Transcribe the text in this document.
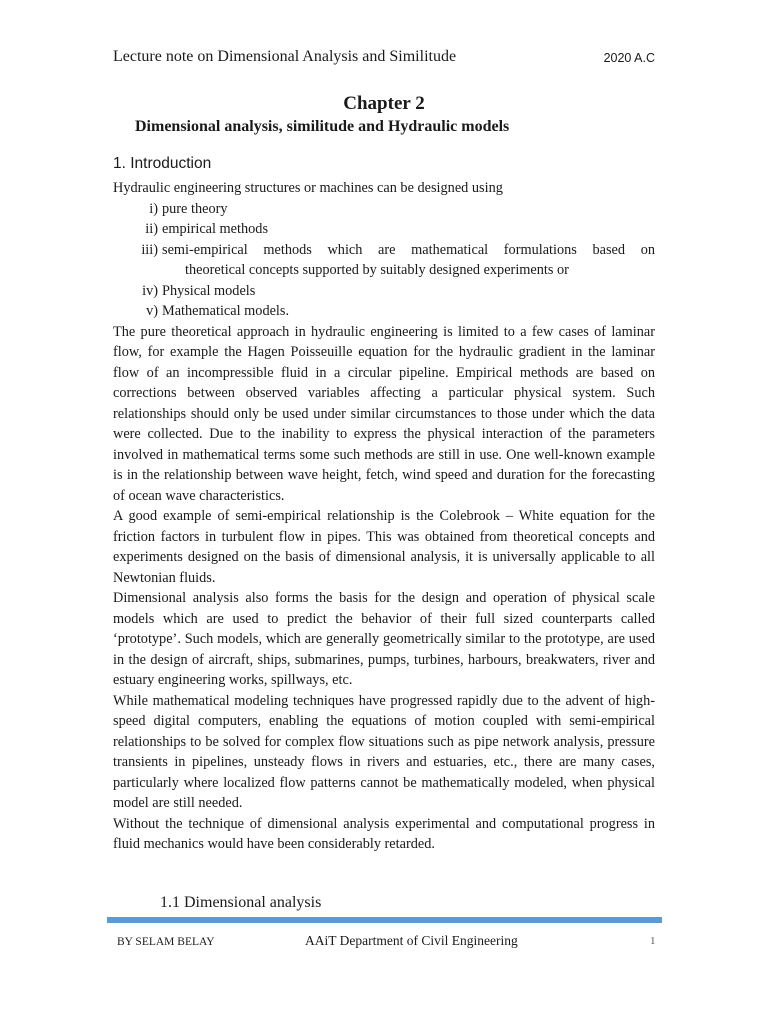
Lecture note on Dimensional Analysis and Similitude	2020 A.C
Chapter 2
Dimensional analysis, similitude and Hydraulic models
1. Introduction

Hydraulic engineering structures or machines can be designed using

i) pure theory
ii) empirical methods
iii) semi-empirical methods which are mathematical formulations based on
theoretical concepts supported by suitably designed experiments or
iv) Physical models
v) Mathematical models.

The pure theoretical approach in hydraulic engineering is limited to a few cases of laminar flow, for example the Hagen Poisseuille equation for the hydraulic gradient in the laminar flow of an incompressible fluid in a circular pipeline. Empirical methods are based on corrections between observed variables affecting a particular physical system. Such relationships should only be used under similar circumstances to those under which the data were collected. Due to the inability to express the physical interaction of the parameters involved in mathematical terms some such methods are still in use. One well-known example is in the relationship between wave height, fetch, wind speed and duration for the forecasting of ocean wave characteristics.

A good example of semi-empirical relationship is the Colebrook – White equation for the friction factors in turbulent flow in pipes. This was obtained from theoretical concepts and experiments designed on the basis of dimensional analysis, it is universally applicable to all Newtonian fluids.

Dimensional analysis also forms the basis for the design and operation of physical scale models which are used to predict the behavior of their full sized counterparts called ‘prototype’. Such models, which are generally geometrically similar to the prototype, are used in the design of aircraft, ships, submarines, pumps, turbines, harbours, breakwaters, river and estuary engineering works, spillways, etc.

While mathematical modeling techniques have progressed rapidly due to the advent of high-speed digital computers, enabling the equations of motion coupled with semi-empirical relationships to be solved for complex flow situations such as pipe network analysis, pressure transients in pipelines, unsteady flows in rivers and estuaries, etc., there are many cases, particularly where localized flow patterns cannot be mathematically modeled, when physical model are still needed.

Without the technique of dimensional analysis experimental and computational progress in fluid mechanics would have been considerably retarded.

1.1 Dimensional analysis
BY SELAM BELAY	AAiT Department of Civil Engineering	1
